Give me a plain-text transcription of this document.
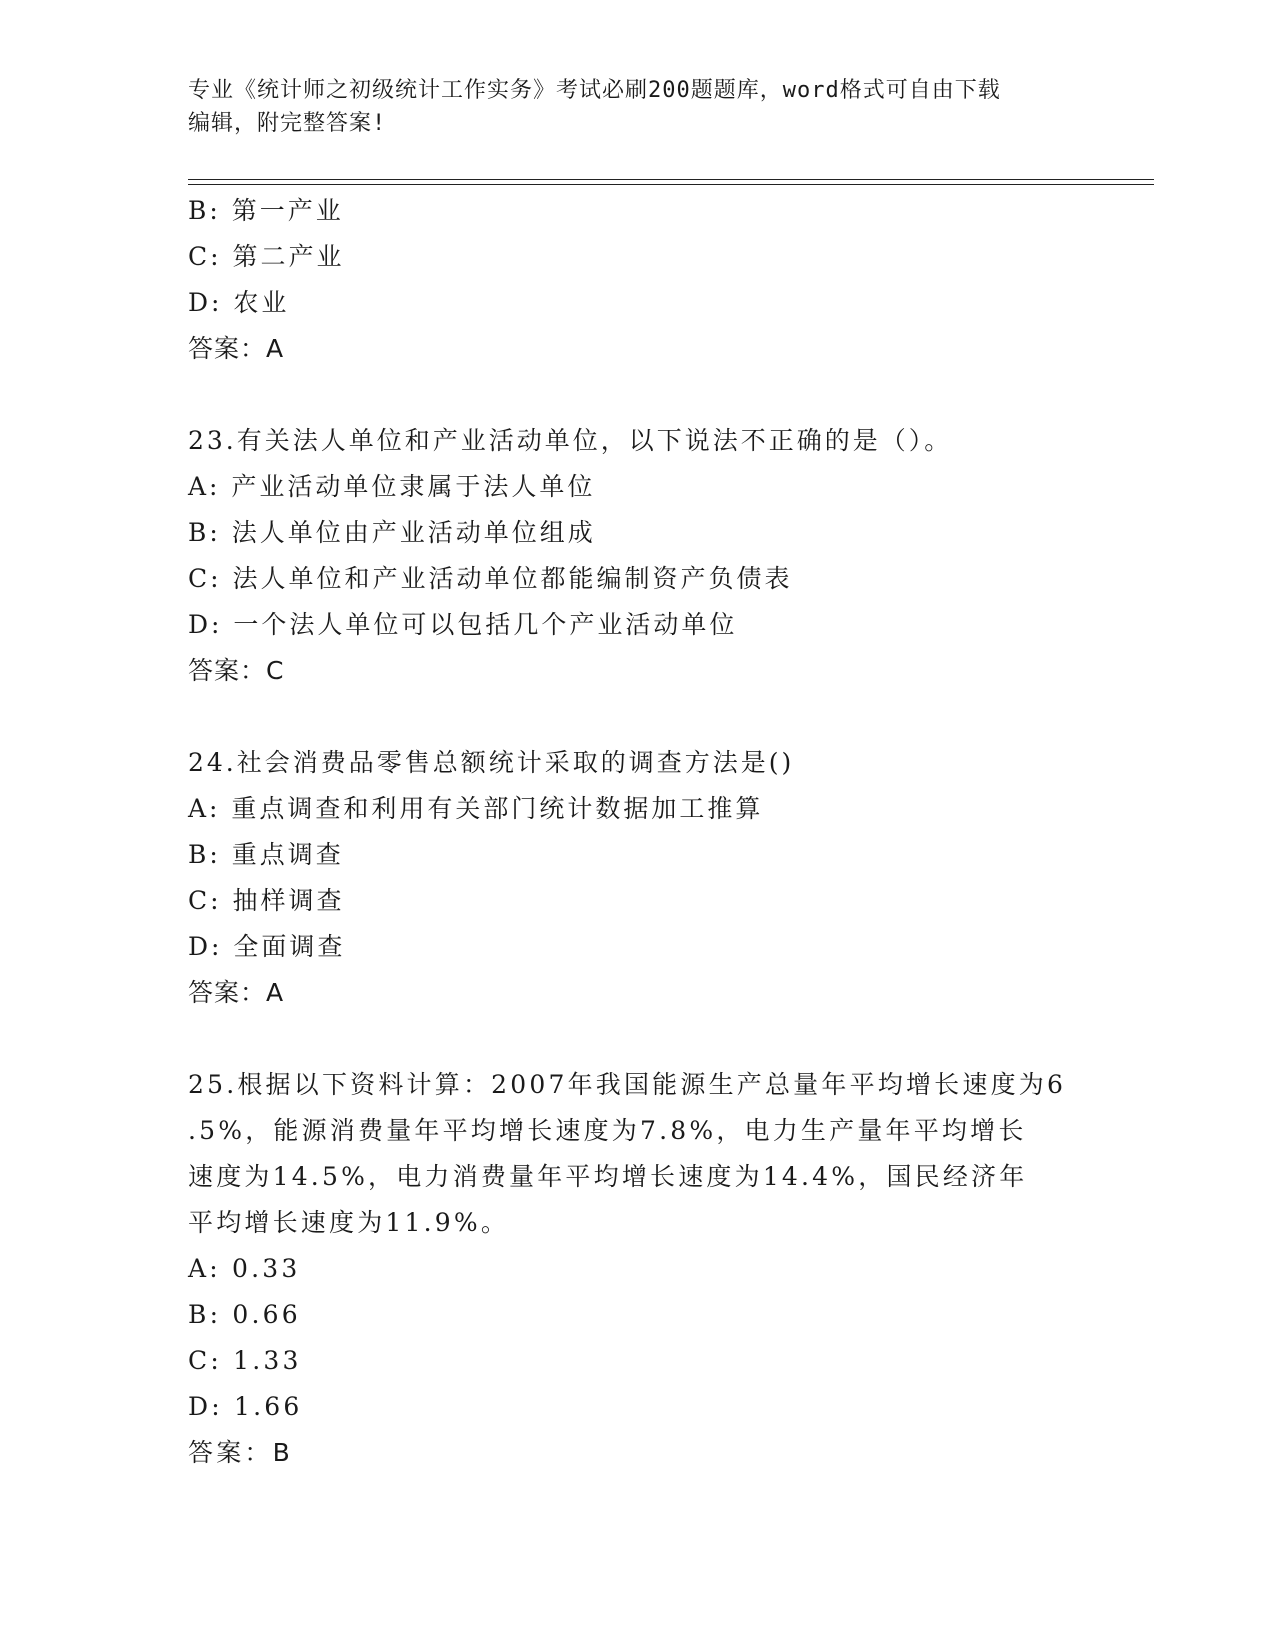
专业《统计师之初级统计工作实务》考试必刷200题题库，word格式可自由下载
编辑，附完整答案!
B: 第一产业
C: 第二产业
D: 农业
答案：A
23.有关法人单位和产业活动单位，以下说法不正确的是（）。
A: 产业活动单位隶属于法人单位
B: 法人单位由产业活动单位组成
C: 法人单位和产业活动单位都能编制资产负债表
D: 一个法人单位可以包括几个产业活动单位
答案：C
24.社会消费品零售总额统计采取的调查方法是()
A: 重点调查和利用有关部门统计数据加工推算
B: 重点调查
C: 抽样调查
D: 全面调查
答案：A
25.根据以下资料计算：2007年我国能源生产总量年平均增长速度为6
.5%，能源消费量年平均增长速度为7.8%，电力生产量年平均增长
速度为14.5%，电力消费量年平均增长速度为14.4%，国民经济年
平均增长速度为11.9%。
A: 0.33
B: 0.66
C: 1.33
D: 1.66
答案：B
